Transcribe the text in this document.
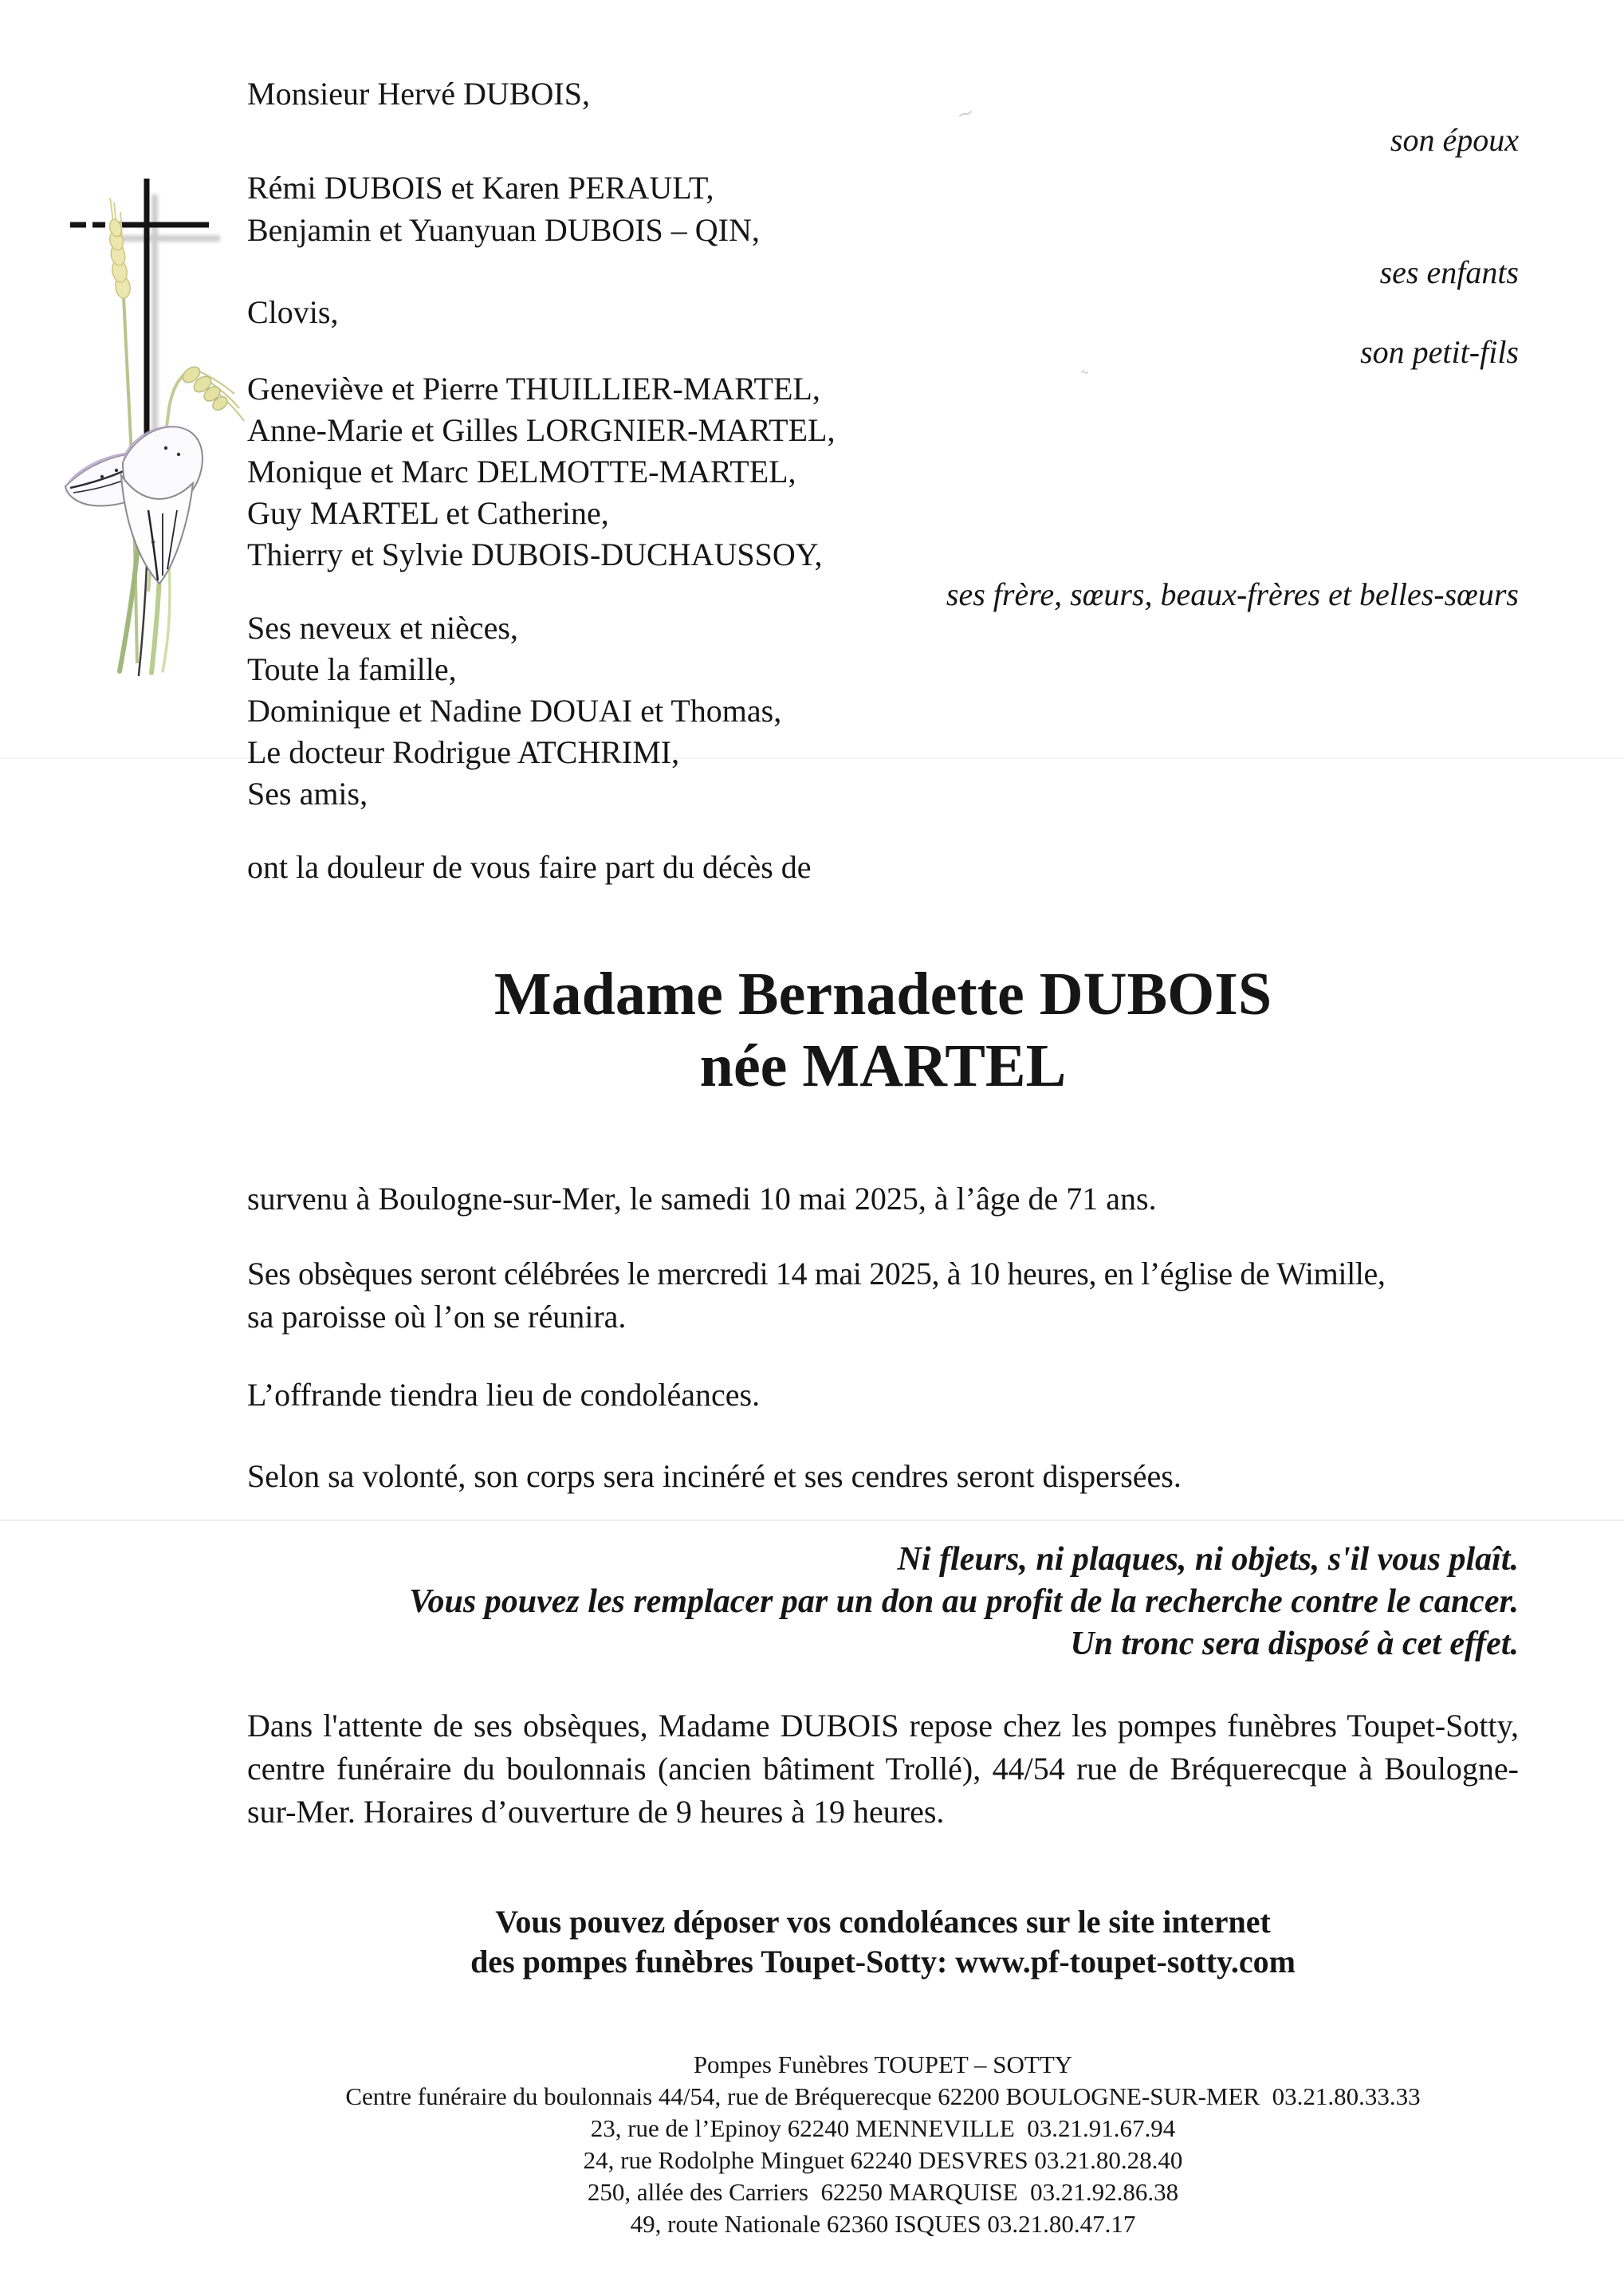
~
˜
Monsieur Hervé DUBOIS,
son époux
Rémi DUBOIS et Karen PERAULT,
Benjamin et Yuanyuan DUBOIS – QIN,
ses enfants
Clovis,
son petit-fils
Geneviève et Pierre THUILLIER-MARTEL,
Anne-Marie et Gilles LORGNIER-MARTEL,
Monique et Marc DELMOTTE-MARTEL,
Guy MARTEL et Catherine,
Thierry et Sylvie DUBOIS-DUCHAUSSOY,
ses frère, sœurs, beaux-frères et belles-sœurs
Ses neveux et nièces,
Toute la famille,
Dominique et Nadine DOUAI et Thomas,
Le docteur Rodrigue ATCHRIMI,
Ses amis,
ont la douleur de vous faire part du décès de
Madame Bernadette DUBOIS
née MARTEL
survenu à Boulogne-sur-Mer, le samedi 10 mai 2025, à l’âge de 71 ans.
Ses obsèques seront célébrées le mercredi 14 mai 2025, à 10 heures, en l’église de Wimille,
sa paroisse où l’on se réunira.
L’offrande tiendra lieu de condoléances.
Selon sa volonté, son corps sera incinéré et ses cendres seront dispersées.
Ni fleurs, ni plaques, ni objets, s'il vous plaît.
Vous pouvez les remplacer par un don au profit de la recherche contre le cancer.
Un tronc sera disposé à cet effet.
Dans l'attente de ses obsèques, Madame DUBOIS repose chez les pompes funèbres Toupet-Sotty, centre funéraire du boulonnais (ancien bâtiment Trollé), 44/54 rue de Bréquerecque à Boulogne-sur-Mer. Horaires d’ouverture de 9 heures à 19 heures.
Vous pouvez déposer vos condoléances sur le site internet
des pompes funèbres Toupet-Sotty: www.pf-toupet-sotty.com
Pompes Funèbres TOUPET – SOTTY
Centre funéraire du boulonnais 44/54, rue de Bréquerecque 62200 BOULOGNE-SUR-MER  03.21.80.33.33
23, rue de l’Epinoy 62240 MENNEVILLE  03.21.91.67.94
24, rue Rodolphe Minguet 62240 DESVRES 03.21.80.28.40
250, allée des Carriers  62250 MARQUISE  03.21.92.86.38
49, route Nationale 62360 ISQUES 03.21.80.47.17
